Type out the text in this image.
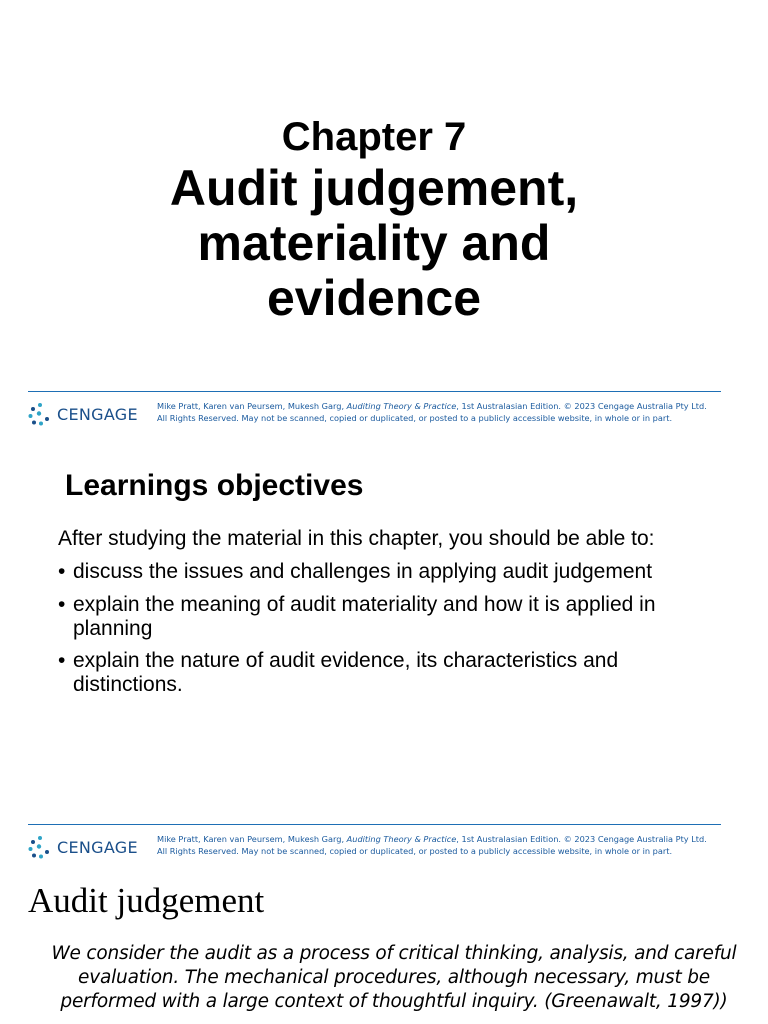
Chapter 7
Audit judgement,
materiality and
evidence
CENGAGE Mike Pratt, Karen van Peursem, Mukesh Garg, Auditing Theory & Practice, 1st Australasian Edition. © 2023 Cengage Australia Pty Ltd.
All Rights Reserved. May not be scanned, copied or duplicated, or posted to a publicly accessible website, in whole or in part.
Learnings objectives
After studying the material in this chapter, you should be able to:
• discuss the issues and challenges in applying audit judgement
• explain the meaning of audit materiality and how it is applied in planning
• explain the nature of audit evidence, its characteristics and distinctions.
CENGAGE Mike Pratt, Karen van Peursem, Mukesh Garg, Auditing Theory & Practice, 1st Australasian Edition. © 2023 Cengage Australia Pty Ltd.
All Rights Reserved. May not be scanned, copied or duplicated, or posted to a publicly accessible website, in whole or in part.
Audit judgement
We consider the audit as a process of critical thinking, analysis, and careful evaluation. The mechanical procedures, although necessary, must be performed with a large context of thoughtful inquiry. (Greenawalt, 1997))
